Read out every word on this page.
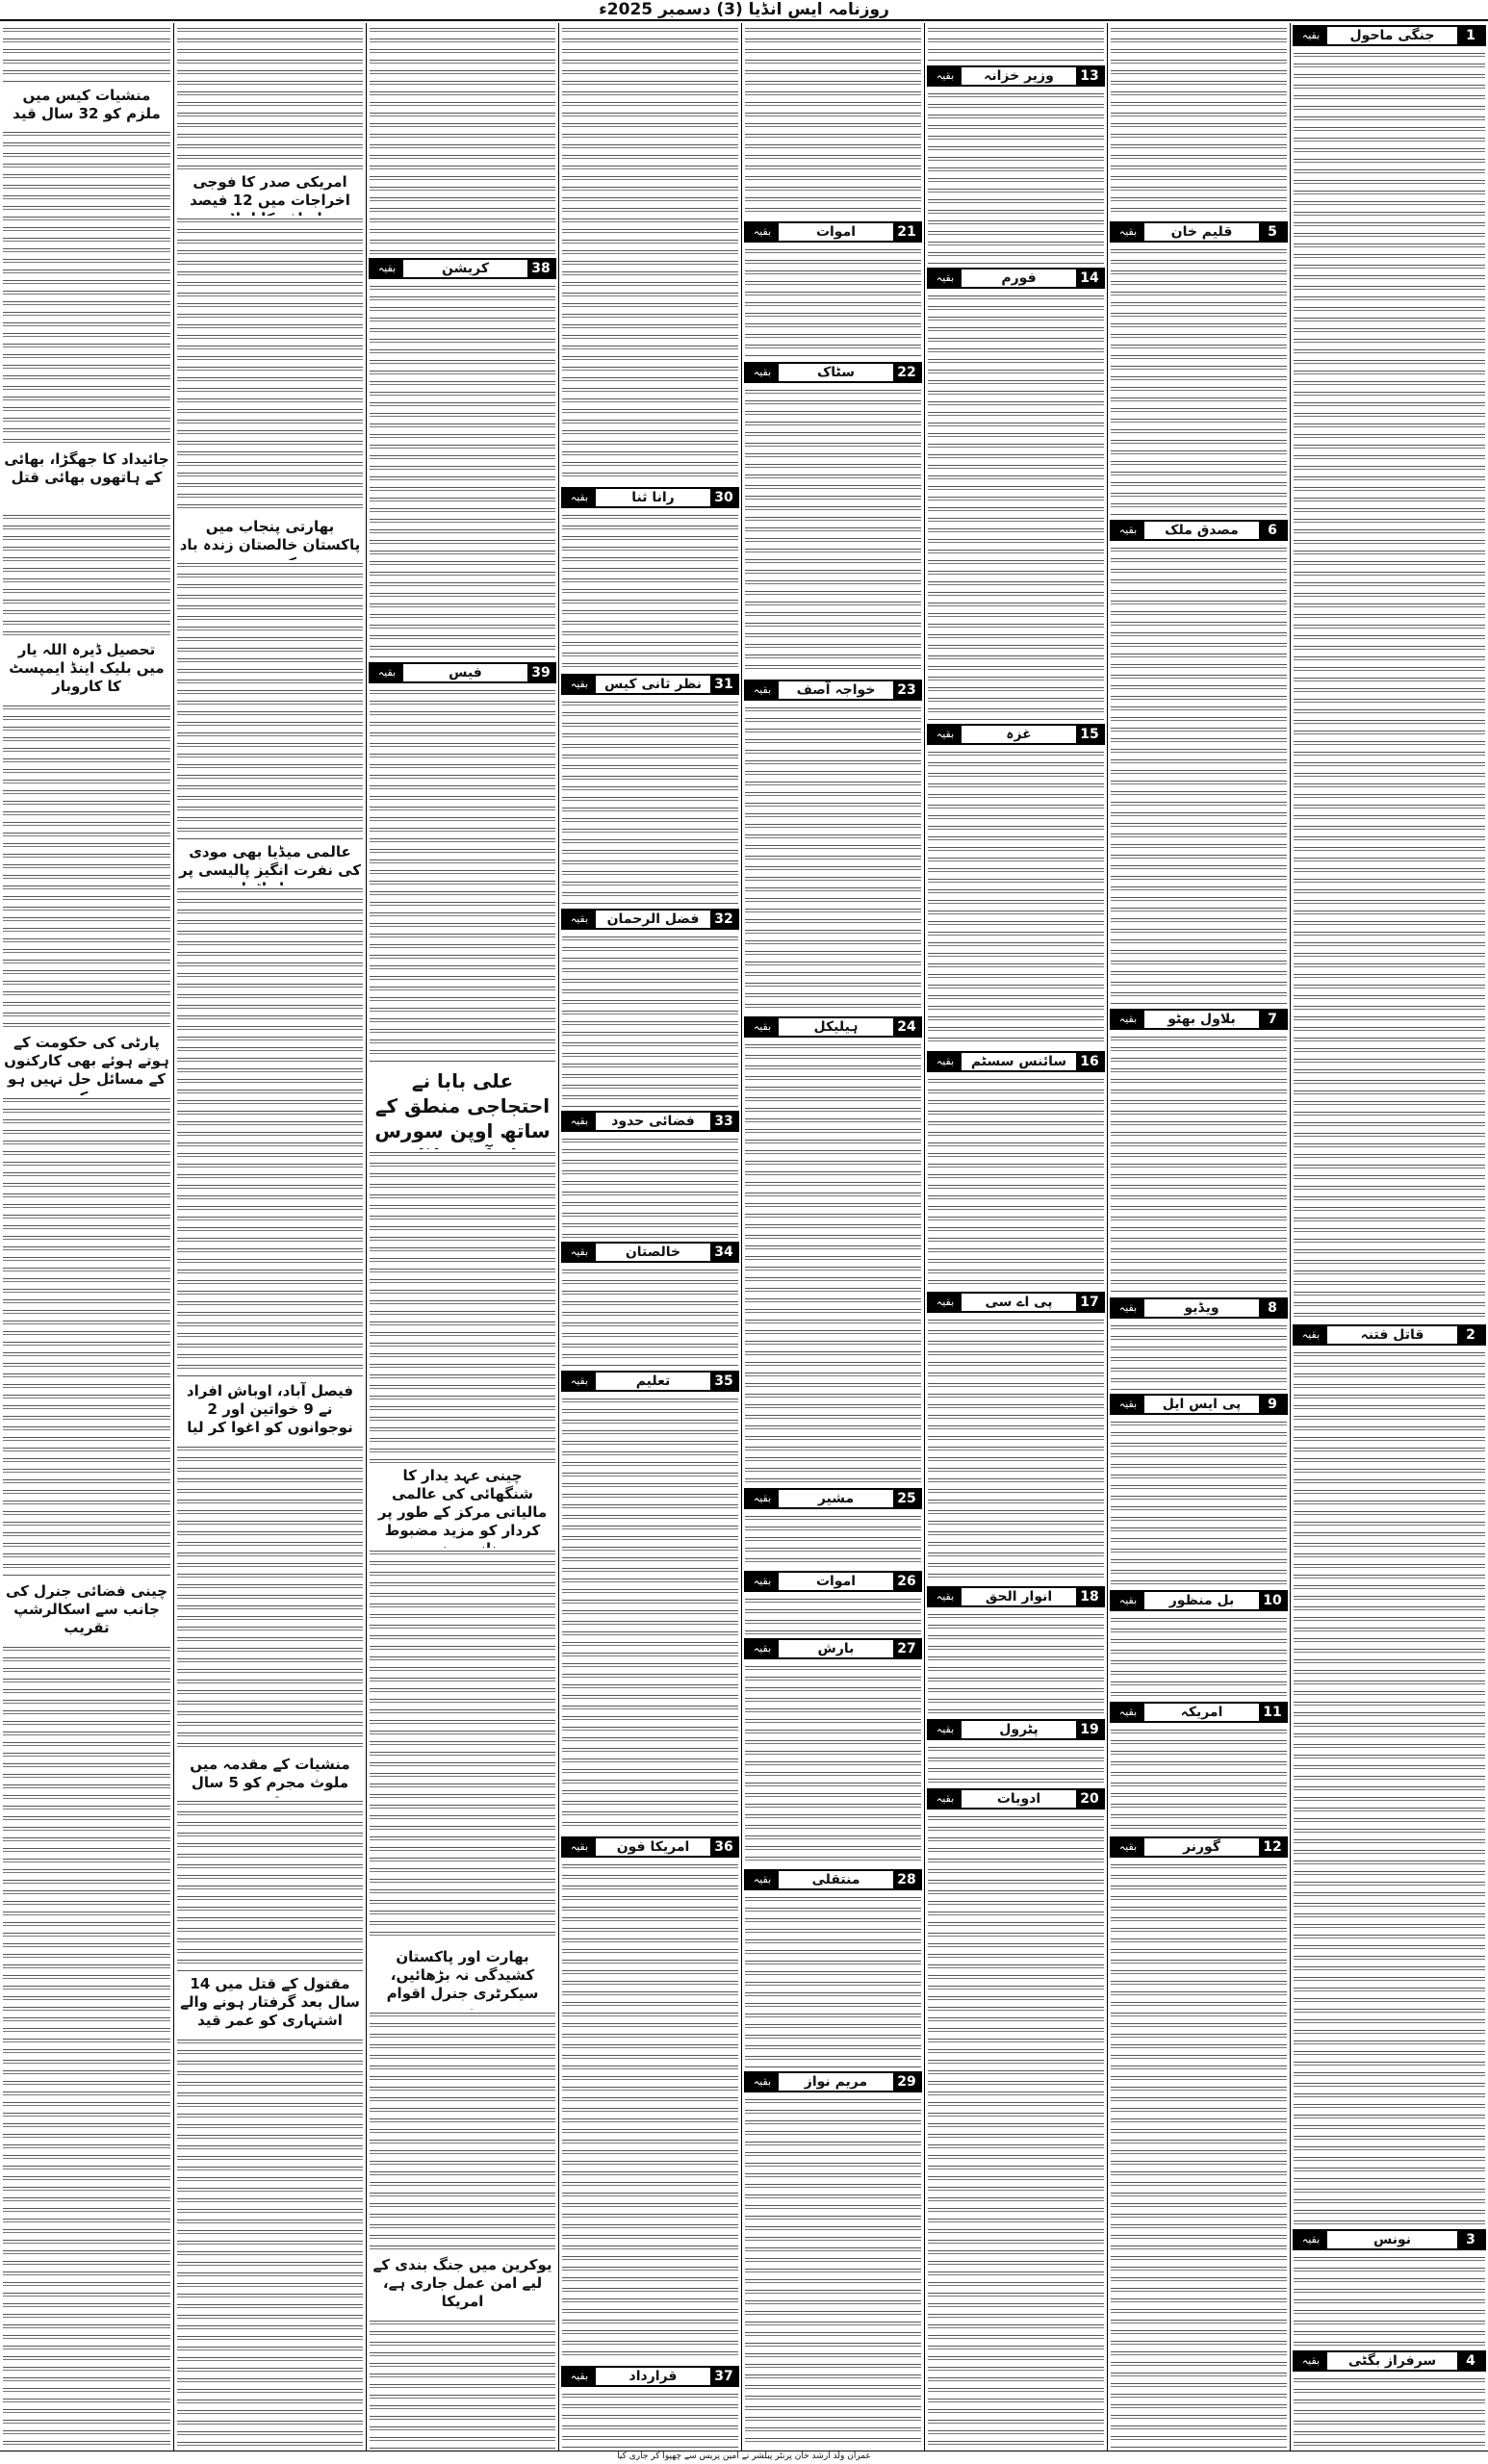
روزنامہ ایس انڈیا (3) دسمبر 2025ء
1
جنگی ماحول
بقیہ
2
قاتل فتنہ
بقیہ
3
نونس
بقیہ
4
سرفراز بگٹی
بقیہ
5
قلیم خان
بقیہ
6
مصدق ملک
بقیہ
7
بلاول بھٹو
بقیہ
8
ویڈیو
بقیہ
9
پی ایس ایل
بقیہ
10
بل منظور
بقیہ
11
امریکہ
بقیہ
12
گورنر
بقیہ
13
وزیر خزانہ
بقیہ
14
فورم
بقیہ
15
غزہ
بقیہ
16
سائنس سسٹم
بقیہ
17
پی اے سی
بقیہ
18
انوار الحق
بقیہ
19
پٹرول
بقیہ
20
ادویات
بقیہ
21
اموات
بقیہ
22
سٹاک
بقیہ
23
خواجہ آصف
بقیہ
24
ہیلیکل
بقیہ
25
مشیر
بقیہ
26
اموات
بقیہ
27
بارش
بقیہ
28
منتقلی
بقیہ
29
مریم نواز
بقیہ
30
رانا ثنا
بقیہ
31
نظر ثانی کیس
بقیہ
32
فضل الرحمان
بقیہ
33
فضائی حدود
بقیہ
34
خالصتان
بقیہ
35
تعلیم
بقیہ
36
امریکا فون
بقیہ
37
قرارداد
بقیہ
38
کریشن
بقیہ
39
فیس
بقیہ
علی بابا نے احتجاجی منطق کے ساتھ اوپن سورس
چینی عہد یدار کا شنگھائی کی عالمی مالیاتی مرکز کے طور پر کردار کو مزید مضبوط
بھارت اور پاکستان کشیدگی نہ بڑھائیں، سیکرٹری جنرل اقوام
یوکرین میں جنگ بندی کے لیے امن عمل جاری ہے، امریکا
امریکی صدر کا فوجی اخراجات میں 12 فیصد
بھارتی پنجاب میں پاکستان خالصتان زندہ باد
عالمی میڈیا بھی مودی کی نفرت انگیز پالیسی پر
فیصل آباد، اوباش افراد نے 9 خواتین اور 2 نوجوانوں کو اغوا کر لیا
منشیات کے مقدمہ میں ملوث مجرم کو 5 سال
مقتول کے قتل میں 14 سال بعد گرفتار ہونے والے اشتہاری کو عمر قید
منشیات کیس میں ملزم کو 32 سال قید
جائیداد کا جھگڑا، بھائی کے ہاتھوں بھائی قتل
تحصیل ڈیرہ اللہ یار میں بلیک اینڈ ایمپسٹ کا کاروبار
پارٹی کی حکومت کے ہوتے ہوئے بھی کارکنوں کے مسائل حل نہیں ہو
چینی فضائی جنرل کی جانب سے اسکالرشپ تقریب
عمران ولد ارشد خان پرنٹر پبلشر نے امین پریس سے چھپوا کر جاری کیا
